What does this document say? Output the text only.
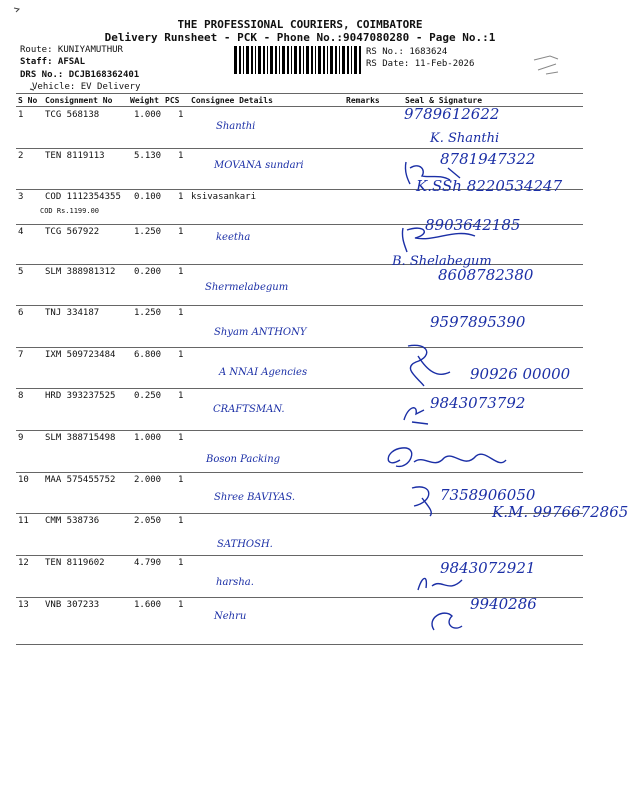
THE PROFESSIONAL COURIERS, COIMBATORE
Delivery Runsheet - PCK - Phone No.:9047080280 - Page No.:1
Route: KUNIYAMUTHUR
Staff: AFSAL
DRS No.: DCJB168362401
Vehicle: EV Delivery
RS No.: 1683624
RS Date: 11-Feb-2026
S No Consignment No Weight PCS Consignee Details	Remarks	Seal & Signature
1 TCG 568138	1.000 1
Shanthi
9789612622
K. Shanthi
2 TEN 8119113	5.130 1
MOVANA sundari	8781947322
3 COD 1112354355 0.100 1 ksivasankari
COD Rs.1199.00
K.SSh 8220534247
4 TCG 567922	1.250 1	keetha
8903642185
5 SLM 388981312 0.200 1
Shermelabegum
8608782380
B. Shelabegum
6 TNJ 334187	1.250 1
Shyam ANTHONY
9597895390
7 IXM 509723484 6.800 1
A NNAI Agencies	90926 00000
8 HRD 393237525 0.250 1
CRAFTSMAN.	9843073792
9 SLM 388715498 1.000 1
Boson Packing
10 MAA 575455752 2.000 1
Shree BAVIYAS.	7358906050
11 CMM 538736	2.050 1
SATHOSH.
K.M. 9976672865
12 TEN 8119602	4.790 1
harsha.
9843072921
13 VNB 307233	1.600 1
Nehru
9940286
